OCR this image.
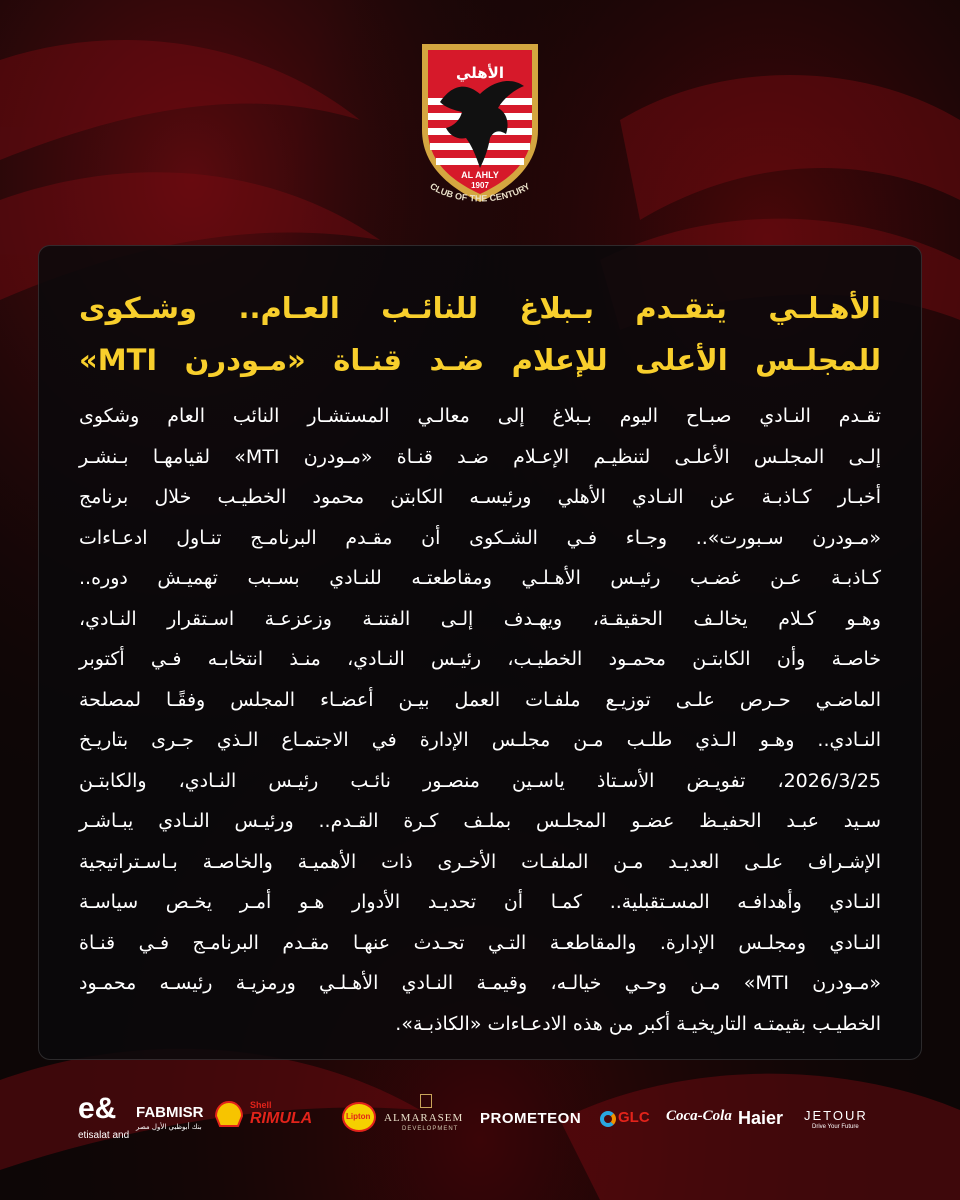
الأهلي
AL AHLY
1907
CLUB OF THE CENTURY
الأهـلـي يتقـدم بـبلاغ للنائـب العـام.. وشـكوى
للمجلـس الأعلى للإعلام ضـد قنـاة «مـودرن MTI»
تقـدم النـادي صبـاح اليوم بـبلاغ إلى معالـي المستشـار النائب العام وشكوى
إلـى المجلـس الأعلـى لتنظيـم الإعـلام ضـد قنـاة «مـودرن MTI» لقيامهـا بـنشـر
أخبـار كـاذبـة عن النـادي الأهلي ورئيسـه الكابتن محمود الخطيـب خلال برنامج
«مـودرن سـبورت».. وجـاء فـي الشـكوى أن مقـدم البرنامـج تنـاول ادعـاءات
كـاذبـة عـن غضـب رئيـس الأهـلـي ومقاطعتـه للنـادي بسـبب تهميـش دوره..
وهـو كـلام يخالـف الحقيقـة، ويهـدف إلـى الفتنـة وزعزعـة اسـتقرار النـادي،
خاصـة وأن الكابتـن محمـود الخطيـب، رئيـس النـادي، منـذ انتخابـه فـي أكتوبر
الماضـي حـرص علـى توزيـع ملفـات العمل بيـن أعضـاء المجلس وفقًـا لمصلحة
النـادي.. وهـو الـذي طلـب مـن مجلـس الإدارة في الاجتمـاع الـذي جـرى بتاريـخ
2026/3/25، تفويـض الأسـتاذ ياسـين منصـور نائـب رئيـس النـادي، والكابتـن
سـيد عبـد الحفيـظ عضـو المجلـس بملـف كـرة القـدم.. ورئيـس النـادي يبـاشـر
الإشـراف علـى العديـد مـن الملفـات الأخـرى ذات الأهميـة والخاصـة بـاسـتراتيجية
النـادي وأهدافـه المسـتقبلية.. كمـا أن تحديـد الأدوار هـو أمـر يخـص سياسـة
النـادي ومجلـس الإدارة. والمقاطعـة التـي تحـدث عنهـا مقـدم البرنامـج فـي قنـاة
«مـودرن MTI» مـن وحـي خيالـه، وقيمـة النـادي الأهـلـي ورمزيـة رئيسـه محمـود
الخطيـب بقيمتـه التاريخيـة أكبر من هذه الادعـاءات «الكاذبـة».
e&
etisalat and
FABMISR
بنك أبوظبي الأول مصر
Shell
RIMULA	Lipton ALMARASEM
DEVELOPMENT
PROMETEON GLC Coca-Cola Haier JETOUR
Drive Your Future
